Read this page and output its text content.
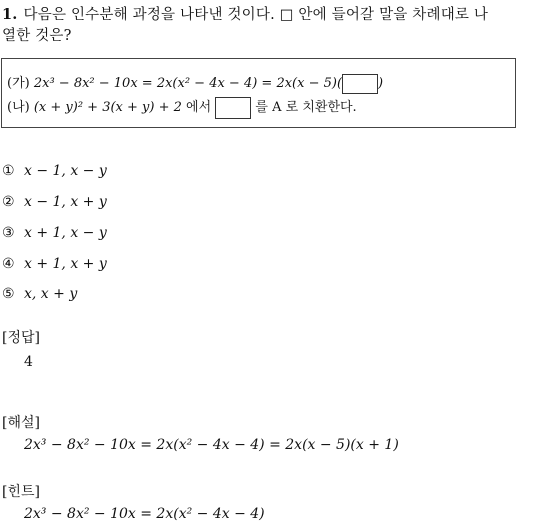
1. 다음은 인수분해 과정을 나타낸 것이다. □ 안에 들어갈 말을 차례대로 나
열한 것은?
(가) 2x³ − 8x² − 10x = 2x(x² − 4x − 4) = 2x(x − 5)(	)
(나) (x + y)² + 3(x + y) + 2 에서	를 A 로 치환한다.
① x − 1, x − y
② x − 1, x + y
③ x + 1, x − y
④ x + 1, x + y
⑤ x, x + y
[정답]
4
[해설]
2x³ − 8x² − 10x = 2x(x² − 4x − 4) = 2x(x − 5)(x + 1)
[힌트]
2x³ − 8x² − 10x = 2x(x² − 4x − 4)
